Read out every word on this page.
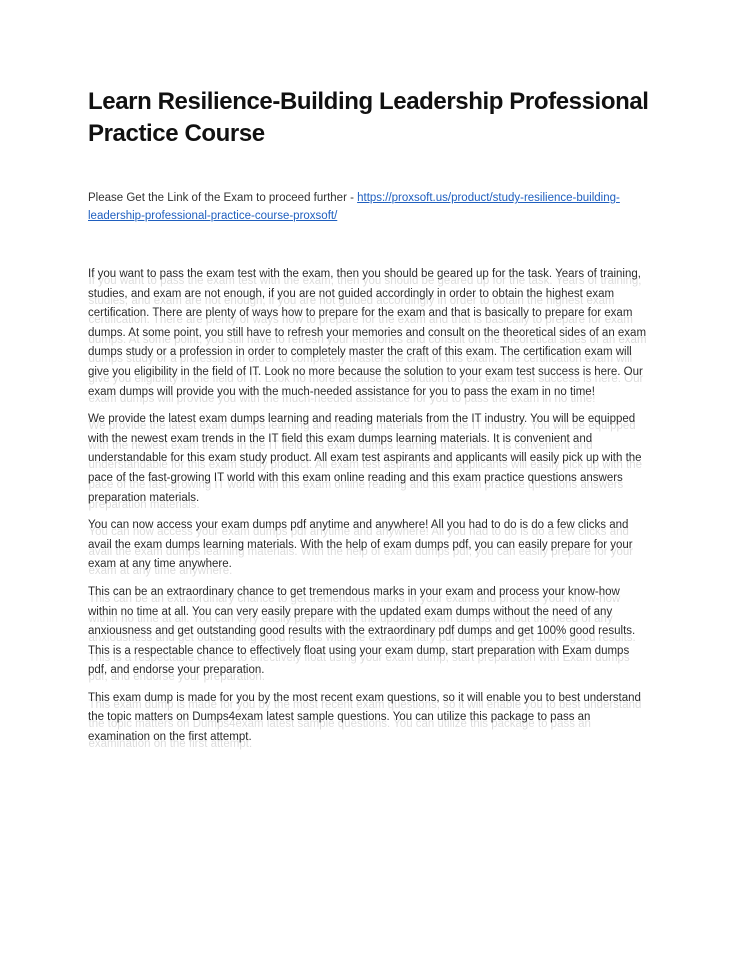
Learn Resilience-Building Leadership Professional Practice Course
Please Get the Link of the Exam to proceed further - https://proxsoft.us/product/study-resilience-building-leadership-professional-practice-course-proxsoft/

If you want to pass the exam test with the exam, then you should be geared up for the task. Years of training, studies, and exam are not enough, if you are not guided accordingly in order to obtain the highest exam certification. There are plenty of ways how to prepare for the exam and that is basically to prepare for exam dumps. At some point, you still have to refresh your memories and consult on the theoretical sides of an exam dumps study or a profession in order to completely master the craft of this exam. The certification exam will give you eligibility in the field of IT. Look no more because the solution to your exam test success is here. Our exam dumps will provide you with the much-needed assistance for you to pass the exam in no time!

We provide the latest exam dumps learning and reading materials from the IT industry. You will be equipped with the newest exam trends in the IT field this exam dumps learning materials. It is convenient and understandable for this exam study product. All exam test aspirants and applicants will easily pick up with the pace of the fast-growing IT world with this exam online reading and this exam practice questions answers preparation materials.

You can now access your exam dumps pdf anytime and anywhere! All you had to do is do a few clicks and avail the exam dumps learning materials. With the help of exam dumps pdf, you can easily prepare for your exam at any time anywhere.

This can be an extraordinary chance to get tremendous marks in your exam and process your know-how within no time at all. You can very easily prepare with the updated exam dumps without the need of any anxiousness and get outstanding good results with the extraordinary pdf dumps and get 100% good results. This is a respectable chance to effectively float using your exam dump, start preparation with Exam dumps pdf, and endorse your preparation.

This exam dump is made for you by the most recent exam questions, so it will enable you to best understand the topic matters on Dumps4exam latest sample questions. You can utilize this package to pass an examination on the first attempt.
